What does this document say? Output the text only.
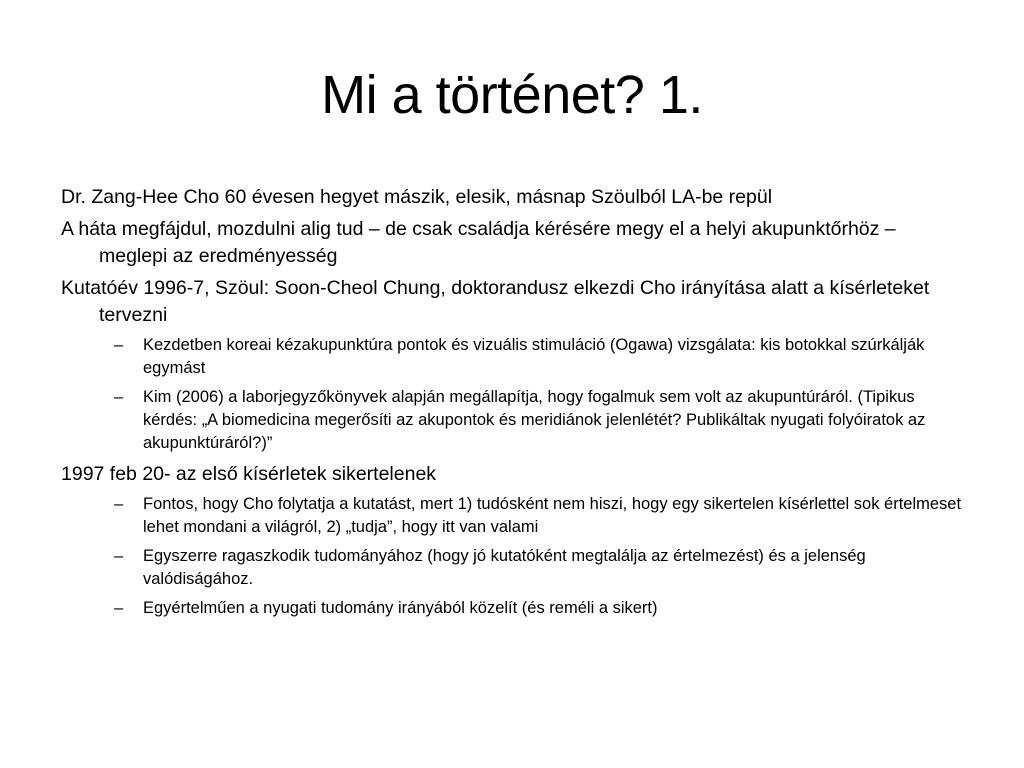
Mi a történet? 1.

Dr. Zang-Hee Cho 60 évesen hegyet mászik, elesik, másnap Szöulból LA-be repül

A háta megfájdul, mozdulni alig tud – de csak családja kérésére megy el a helyi akupunktőrhöz – meglepi az eredményesség

Kutatóév 1996-7, Szöul: Soon-Cheol Chung, doktorandusz elkezdi Cho irányítása alatt a kísérleteket tervezni

– Kezdetben koreai kézakupunktúra pontok és vizuális stimuláció (Ogawa) vizsgálata: kis botokkal szúrkálják egymást
– Kim (2006) a laborjegyzőkönyvek alapján megállapítja, hogy fogalmuk sem volt az akupuntúráról. (Tipikus kérdés: „A biomedicina megerősíti az akupontok és meridiánok jelenlétét? Publikáltak nyugati folyóiratok az akupunktúráról?)”

1997 feb 20- az első kísérletek sikertelenek

– Fontos, hogy Cho folytatja a kutatást, mert 1) tudósként nem hiszi, hogy egy sikertelen kísérlettel sok értelmeset lehet mondani a világról, 2) „tudja”, hogy itt van valami
– Egyszerre ragaszkodik tudományához (hogy jó kutatóként megtalálja az értelmezést) és a jelenség valódiságához.
– Egyértelműen a nyugati tudomány irányából közelít (és reméli a sikert)
